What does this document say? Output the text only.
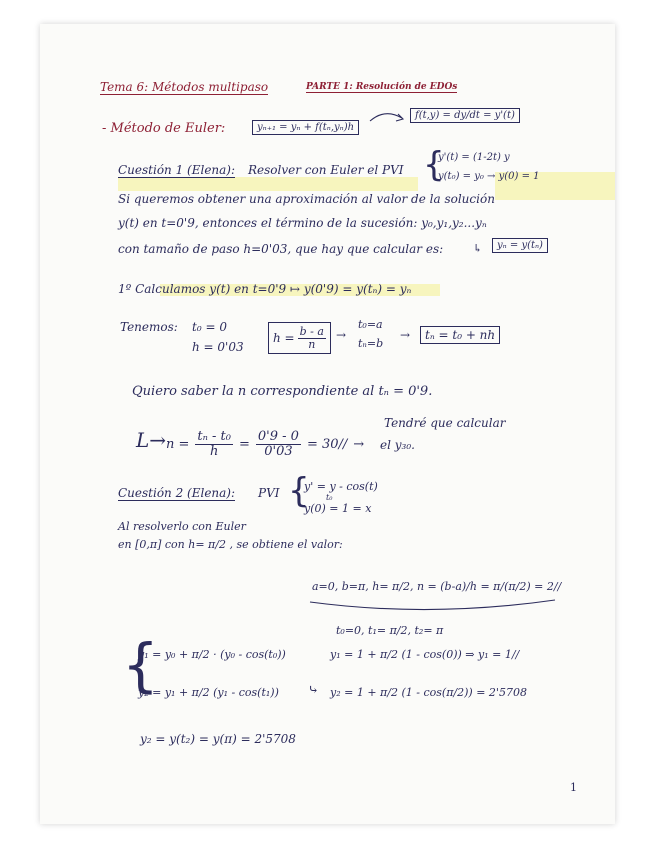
Tema 6: Métodos multipaso	PARTE 1: Resolución de EDOs
- Método de Euler:	yₙ₊₁ = yₙ + f(tₙ,yₙ)h
f(t,y) = dy/dt = y'(t)
Cuestión 1 (Elena): Resolver con Euler el PVI {
y'(t) = (1-2t) y
y(t₀) = y₀ → y(0) = 1
Si queremos obtener una aproximación al valor de la solución
y(t) en t=0'9, entonces el término de la sucesión: y₀,y₁,y₂...yₙ
con tamaño de paso h=0'03, que hay que calcular es:	↳	yₙ = y(tₙ)
1º Calculamos y(t) en t=0'9 ↦ y(0'9) = y(tₙ) = yₙ
Tenemos: t₀ = 0
h = 0'03
$h = \frac{b - a}{n}$ →
t₀=a
tₙ=b
→	tₙ = t₀ + nh
Quiero saber la n correspondiente al tₙ = 0'9.
$L\to n = \frac{\text{tₙ - t₀}}{h} = \frac{0'9 - 0}{0'03} = 30//$ →
Tendré que calcular
el y₃₀.
Cuestión 2 (Elena): PVI {
y' = y - cos(t)
y(0) = 1 = x
t₀
Al resolverlo con Euler
en [0,π] con h= π/2 , se obtiene el valor:
a=0, b=π, h= π/2, n = (b-a)/h = π/(π/2) = 2//
t₀=0, t₁= π/2, t₂= π
{
y₁ = y₀ + π/2 · (y₀ - cos(t₀))	y₁ = 1 + π/2 (1 - cos(0)) ⇒ y₁ = 1//
y₂ = y₁ + π/2 (y₁ - cos(t₁)) ⤷ y₂ = 1 + π/2 (1 - cos(π/2)) = 2'5708
y₂ = y(t₂) = y(π) = 2'5708
1
